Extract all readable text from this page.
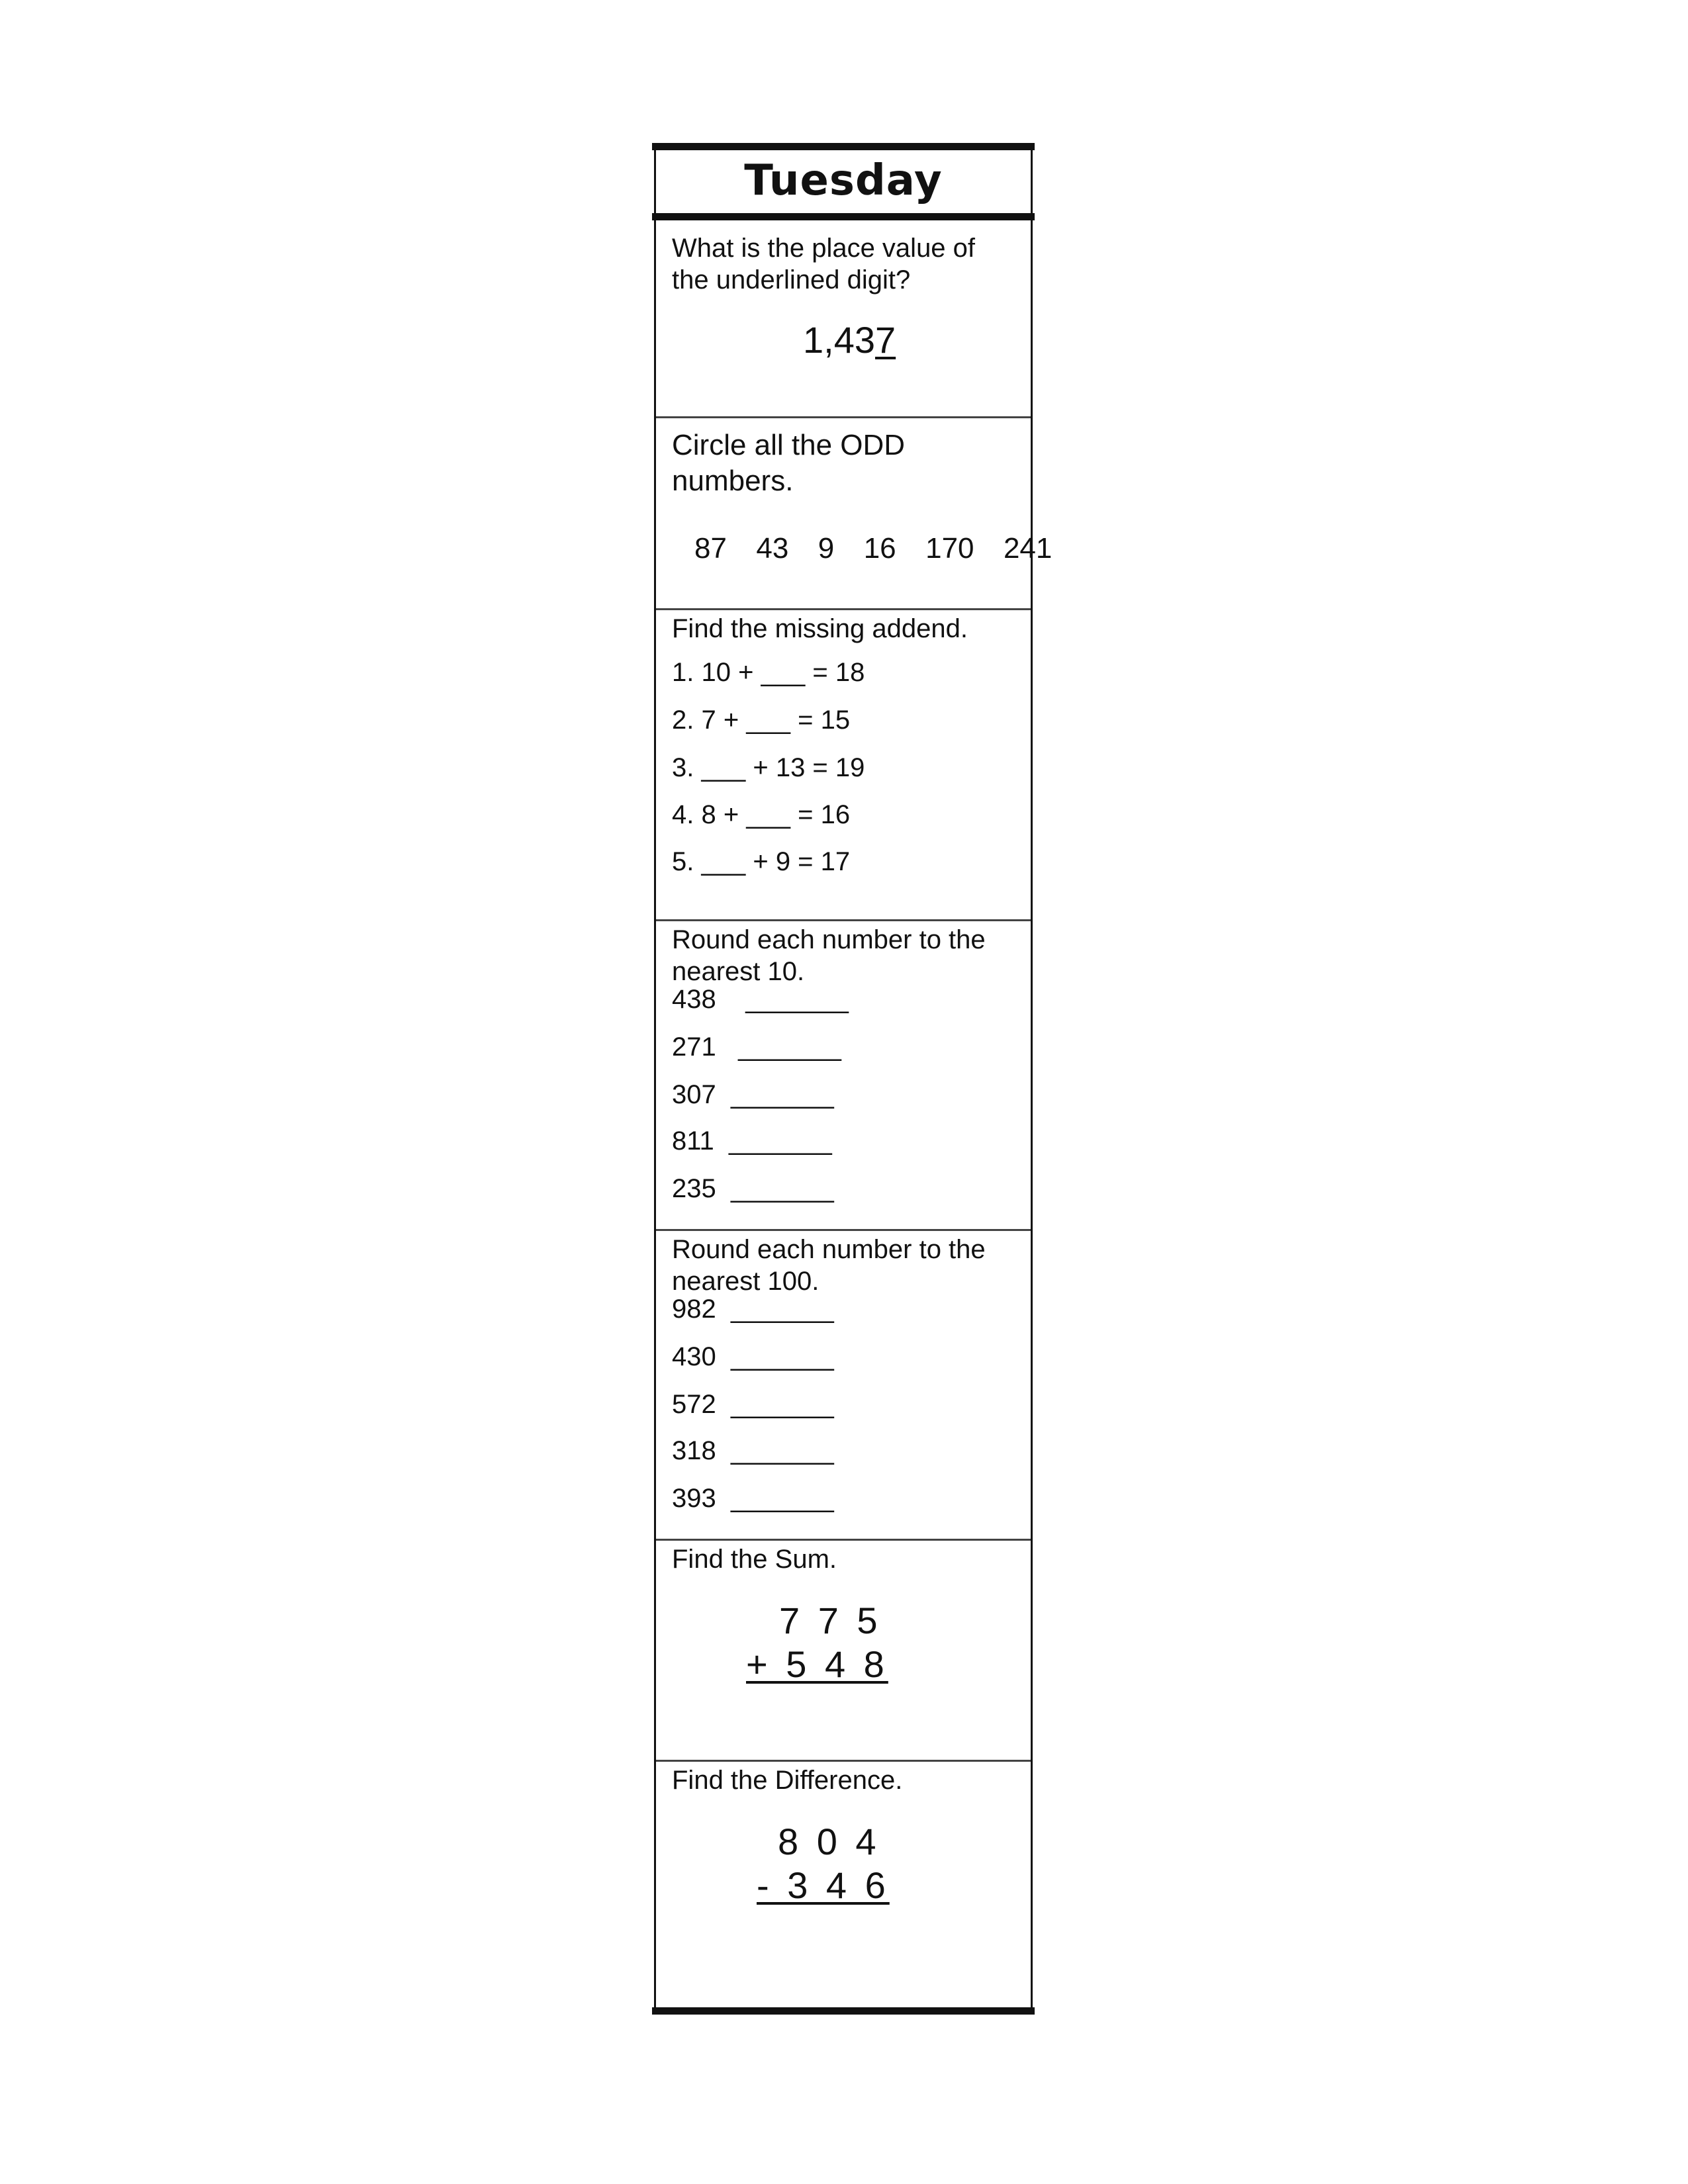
Tuesday
What is the place value of the underlined digit?
1,437
Circle all the ODD numbers.
87  43  9  16  170  241
Find the missing addend.
1. 10 + ___ = 18
2. 7 + ___ = 15
3. ___ + 13 = 19
4. 8 + ___ = 16
5. ___ + 9 = 17
Round each number to the nearest 10.
438 _______
271 _______
307 _______
811 _______
235 _______
Round each number to the nearest 100.
982 _______
430 _______
572 _______
318 _______
393 _______
Find the Sum.
7 7 5
+ 5 4 8
Find the Difference.
8 0 4
- 3 4 6
